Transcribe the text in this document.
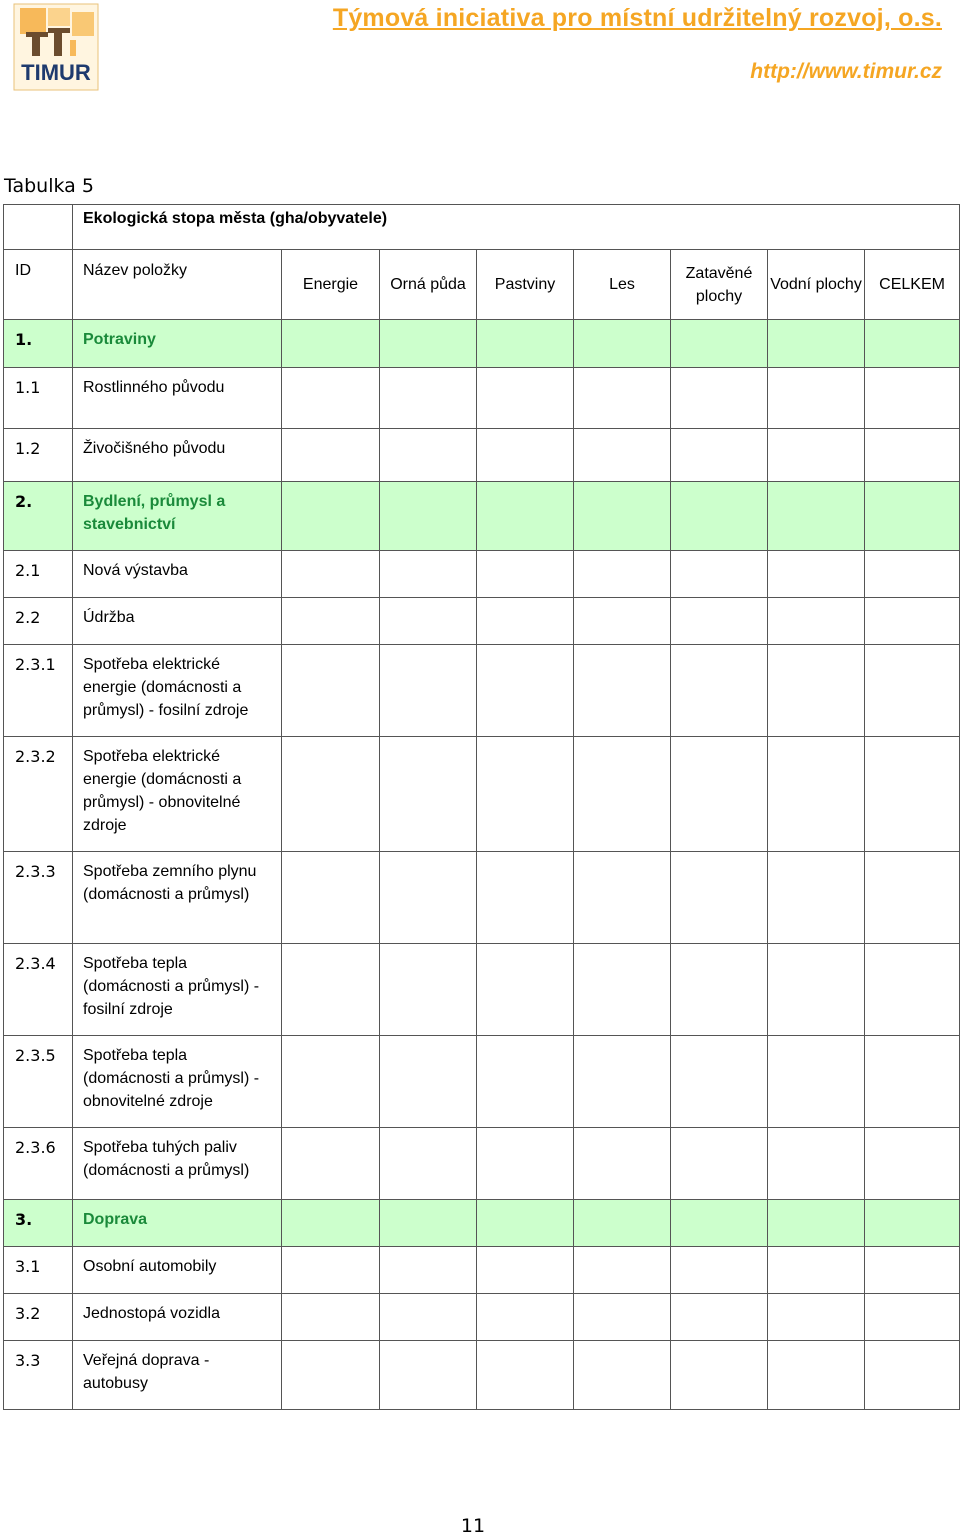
TIMUR
Týmová iniciativa pro místní udržitelný rozvoj, o.s.
http://www.timur.cz
Tabulka 5
	Ekologická stopa města (gha/obyvatele)							
ID	Název položky	Energie	Orná půda	Pastviny	Les	Zatavěné plochy	Vodní plochy	CELKEM
1.	Potraviny							
1.1	Rostlinného původu							
1.2	Živočišného původu							
2.	Bydlení, průmysl a stavebnictví							
2.1	Nová výstavba							
2.2	Údržba							
2.3.1	Spotřeba elektrické energie (domácnosti a průmysl) - fosilní zdroje							
2.3.2	Spotřeba elektrické energie (domácnosti a průmysl) - obnovitelné zdroje							
2.3.3	Spotřeba zemního plynu (domácnosti a průmysl)							
2.3.4	Spotřeba tepla (domácnosti a průmysl) - fosilní zdroje							
2.3.5	Spotřeba tepla (domácnosti a průmysl) - obnovitelné zdroje							
2.3.6	Spotřeba tuhých paliv (domácnosti a průmysl)							
3.	Doprava							
3.1	Osobní automobily							
3.2	Jednostopá vozidla							
3.3	Veřejná doprava - autobusy							
11
